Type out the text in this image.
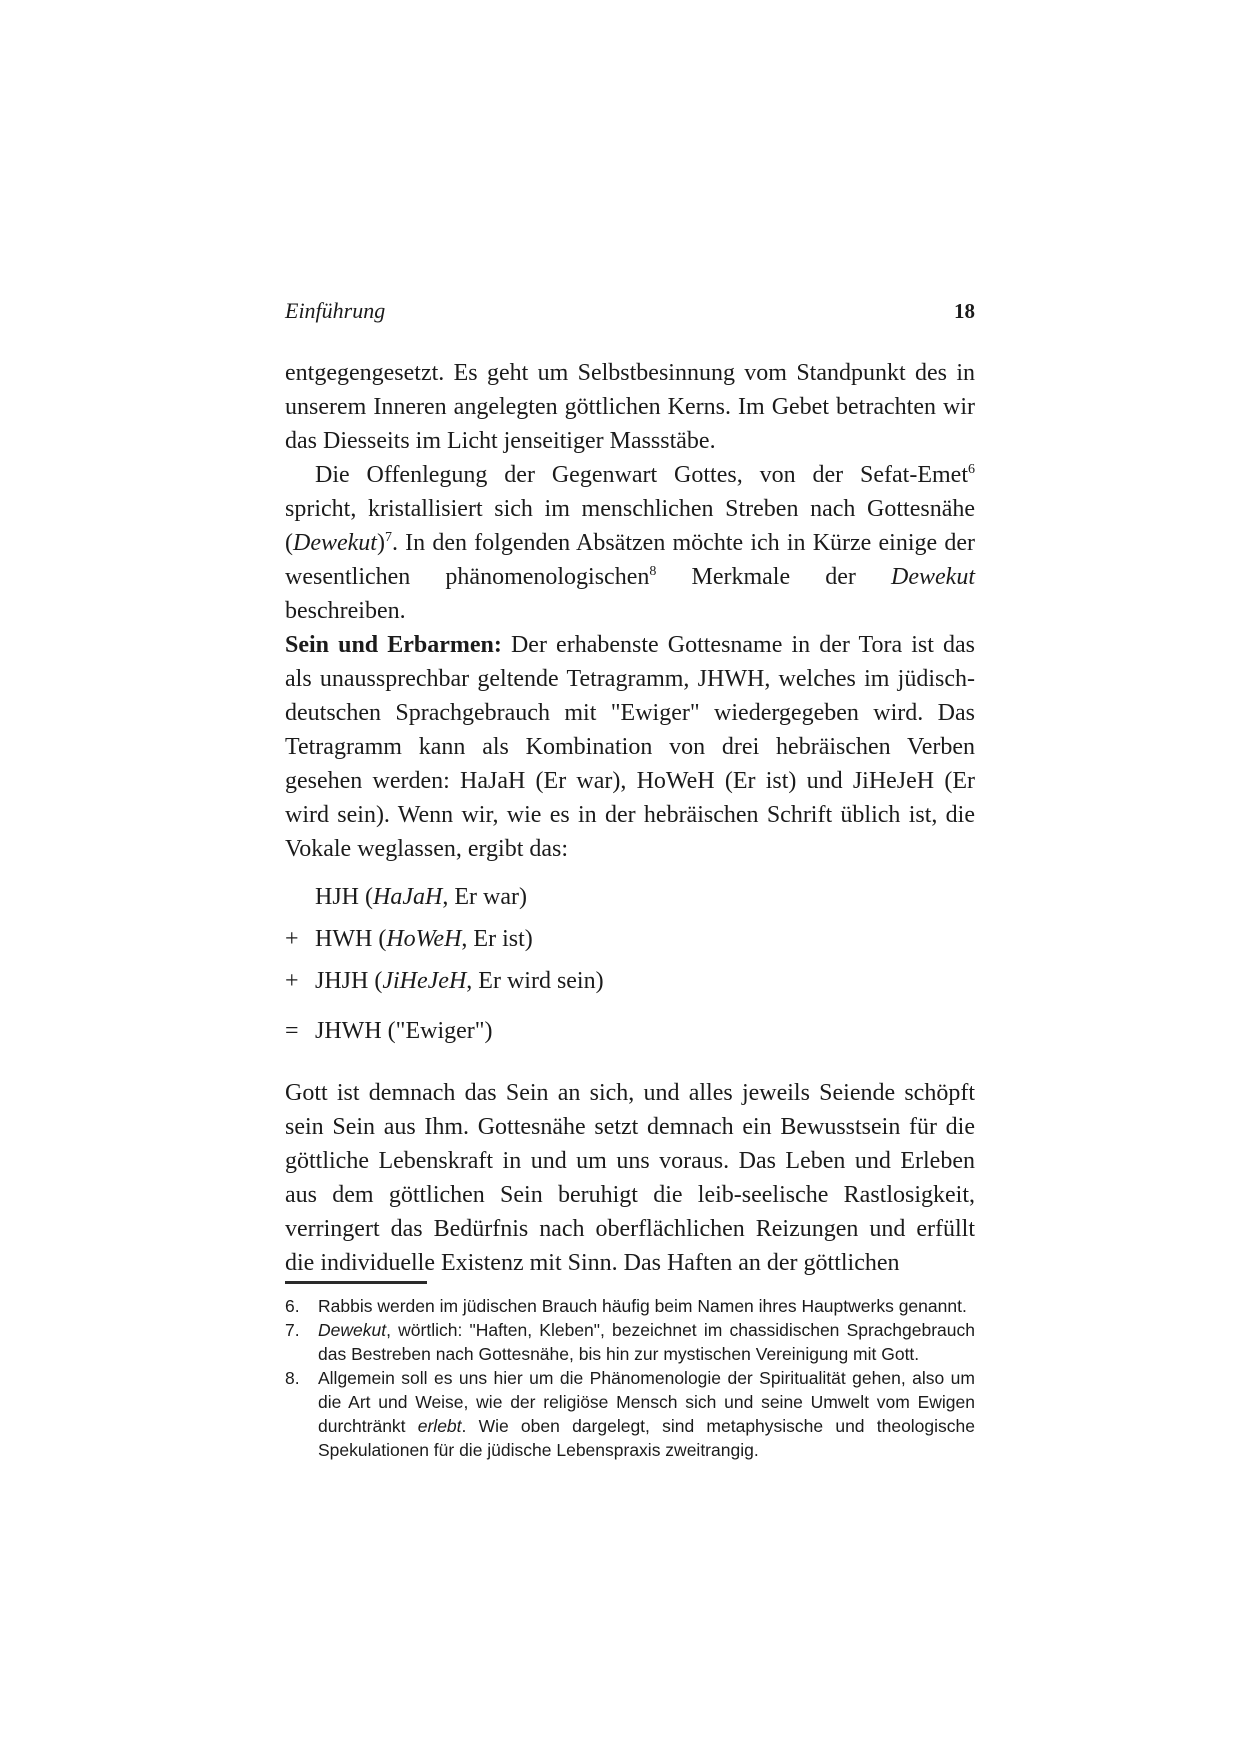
Einführung	18

entgegengesetzt. Es geht um Selbstbesinnung vom Standpunkt des in unserem Inneren angelegten göttlichen Kerns. Im Gebet betrachten wir das Diesseits im Licht jenseitiger Massstäbe.

Die Offenlegung der Gegenwart Gottes, von der Sefat-Emet$^6$ spricht, kristallisiert sich im menschlichen Streben nach Gottesnähe (Dewekut)$^7$. In den folgenden Absätzen möchte ich in Kürze einige der wesentlichen phänomenologischen$^8$ Merkmale der Dewekut beschreiben.

Sein und Erbarmen: Der erhabenste Gottesname in der Tora ist das als unaussprechbar geltende Tetragramm, JHWH, welches im jüdisch-deutschen Sprachgebrauch mit "Ewiger" wiedergegeben wird. Das Tetragramm kann als Kombination von drei hebräischen Verben gesehen werden: HaJaH (Er war), HoWeH (Er ist) und JiHeJeH (Er wird sein). Wenn wir, wie es in der hebräischen Schrift üblich ist, die Vokale weglassen, ergibt das:

HJH (HaJaH, Er war)
+ HWH (HoWeH, Er ist)
+ JHJH (JiHeJeH, Er wird sein)
= JHWH ("Ewiger")

Gott ist demnach das Sein an sich, und alles jeweils Seiende schöpft sein Sein aus Ihm. Gottesnähe setzt demnach ein Bewusstsein für die göttliche Lebenskraft in und um uns voraus. Das Leben und Erleben aus dem göttlichen Sein beruhigt die leib-seelische Rastlosigkeit, verringert das Bedürfnis nach oberflächlichen Reizungen und erfüllt die individuelle Existenz mit Sinn. Das Haften an der göttlichen

6. Rabbis werden im jüdischen Brauch häufig beim Namen ihres Hauptwerks genannt.
7. Dewekut, wörtlich: "Haften, Kleben", bezeichnet im chassidischen Sprachgebrauch das Bestreben nach Gottesnähe, bis hin zur mystischen Vereinigung mit Gott.
8. Allgemein soll es uns hier um die Phänomenologie der Spiritualität gehen, also um die Art und Weise, wie der religiöse Mensch sich und seine Umwelt vom Ewigen durchtränkt erlebt. Wie oben dargelegt, sind metaphysische und theologische Spekulationen für die jüdische Lebenspraxis zweitrangig.
